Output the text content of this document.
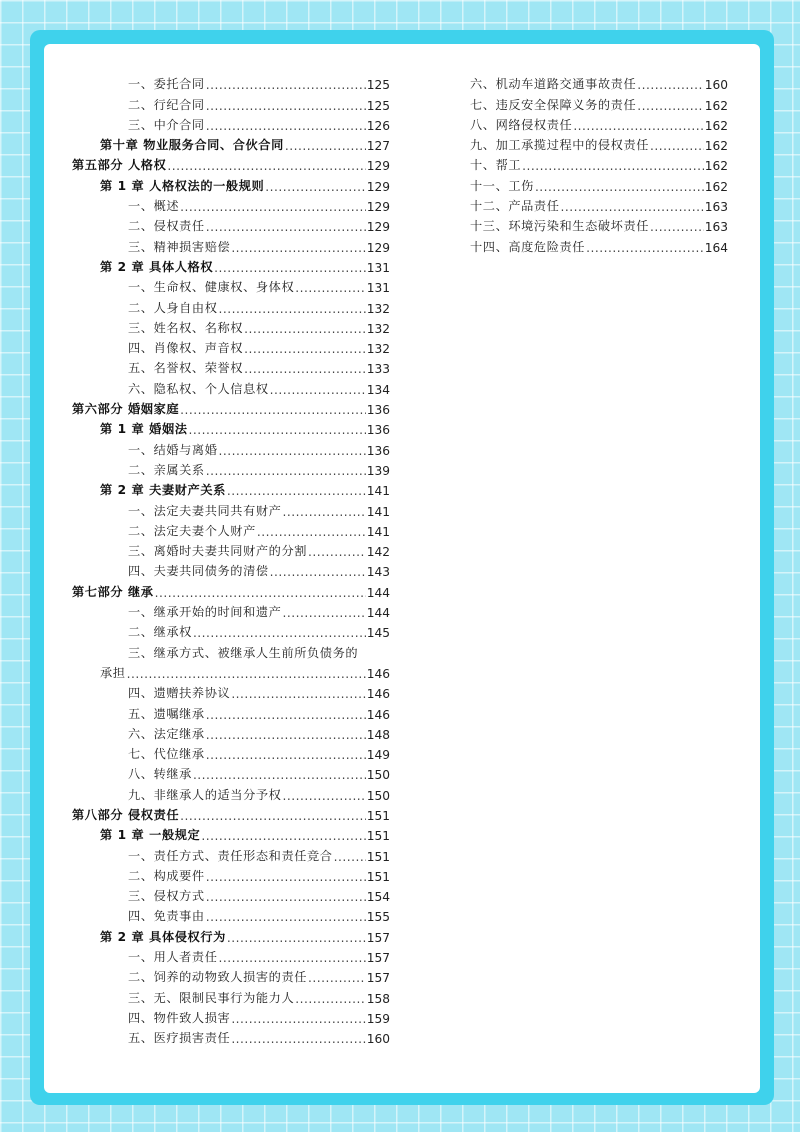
一、委托合同 .....	125
二、行纪合同 .....	125
三、中介合同 .....	126
第十章 物业服务合同、合伙合同 .....	127
第五部分 人格权 .....	129
第 1 章 人格权法的一般规则 .....	129
一、概述 .....	129
二、侵权责任 .....	129
三、精神损害赔偿 .....	129
第 2 章 具体人格权 .....	131
一、生命权、健康权、身体权 .....	131
二、人身自由权 .....	132
三、姓名权、名称权 .....	132
四、肖像权、声音权 .....	132
五、名誉权、荣誉权 .....	133
六、隐私权、个人信息权 .....	134
第六部分 婚姻家庭 .....	136
第 1 章 婚姻法 .....	136
一、结婚与离婚 .....	136
二、亲属关系 .....	139
第 2 章 夫妻财产关系 .....	141
一、法定夫妻共同共有财产 .....	141
二、法定夫妻个人财产 .....	141
三、离婚时夫妻共同财产的分割 .....	142
四、夫妻共同债务的清偿 .....	143
第七部分 继承 .....	144
一、继承开始的时间和遗产 .....	144
二、继承权 .....	145
三、继承方式、被继承人生前所负债务的
承担 .....	146
四、遗赠扶养协议 .....	146
五、遗嘱继承 .....	146
六、法定继承 .....	148
七、代位继承 .....	149
八、转继承 .....	150
九、非继承人的适当分予权 .....	150
第八部分 侵权责任 .....	151
第 1 章 一般规定 .....	151
一、责任方式、责任形态和责任竞合 .....	151
二、构成要件 .....	151
三、侵权方式 .....	154
四、免责事由 .....	155
第 2 章 具体侵权行为 .....	157
一、用人者责任 .....	157
二、饲养的动物致人损害的责任 .....	157
三、无、限制民事行为能力人 .....	158
四、物件致人损害 .....	159
五、医疗损害责任 .....	160
六、机动车道路交通事故责任 .....	160
七、违反安全保障义务的责任 .....	162
八、网络侵权责任 .....	162
九、加工承揽过程中的侵权责任 .....	162
十、帮工 .....	162
十一、工伤 .....	162
十二、产品责任 .....	163
十三、环境污染和生态破坏责任 .....	163
十四、高度危险责任 .....	164
